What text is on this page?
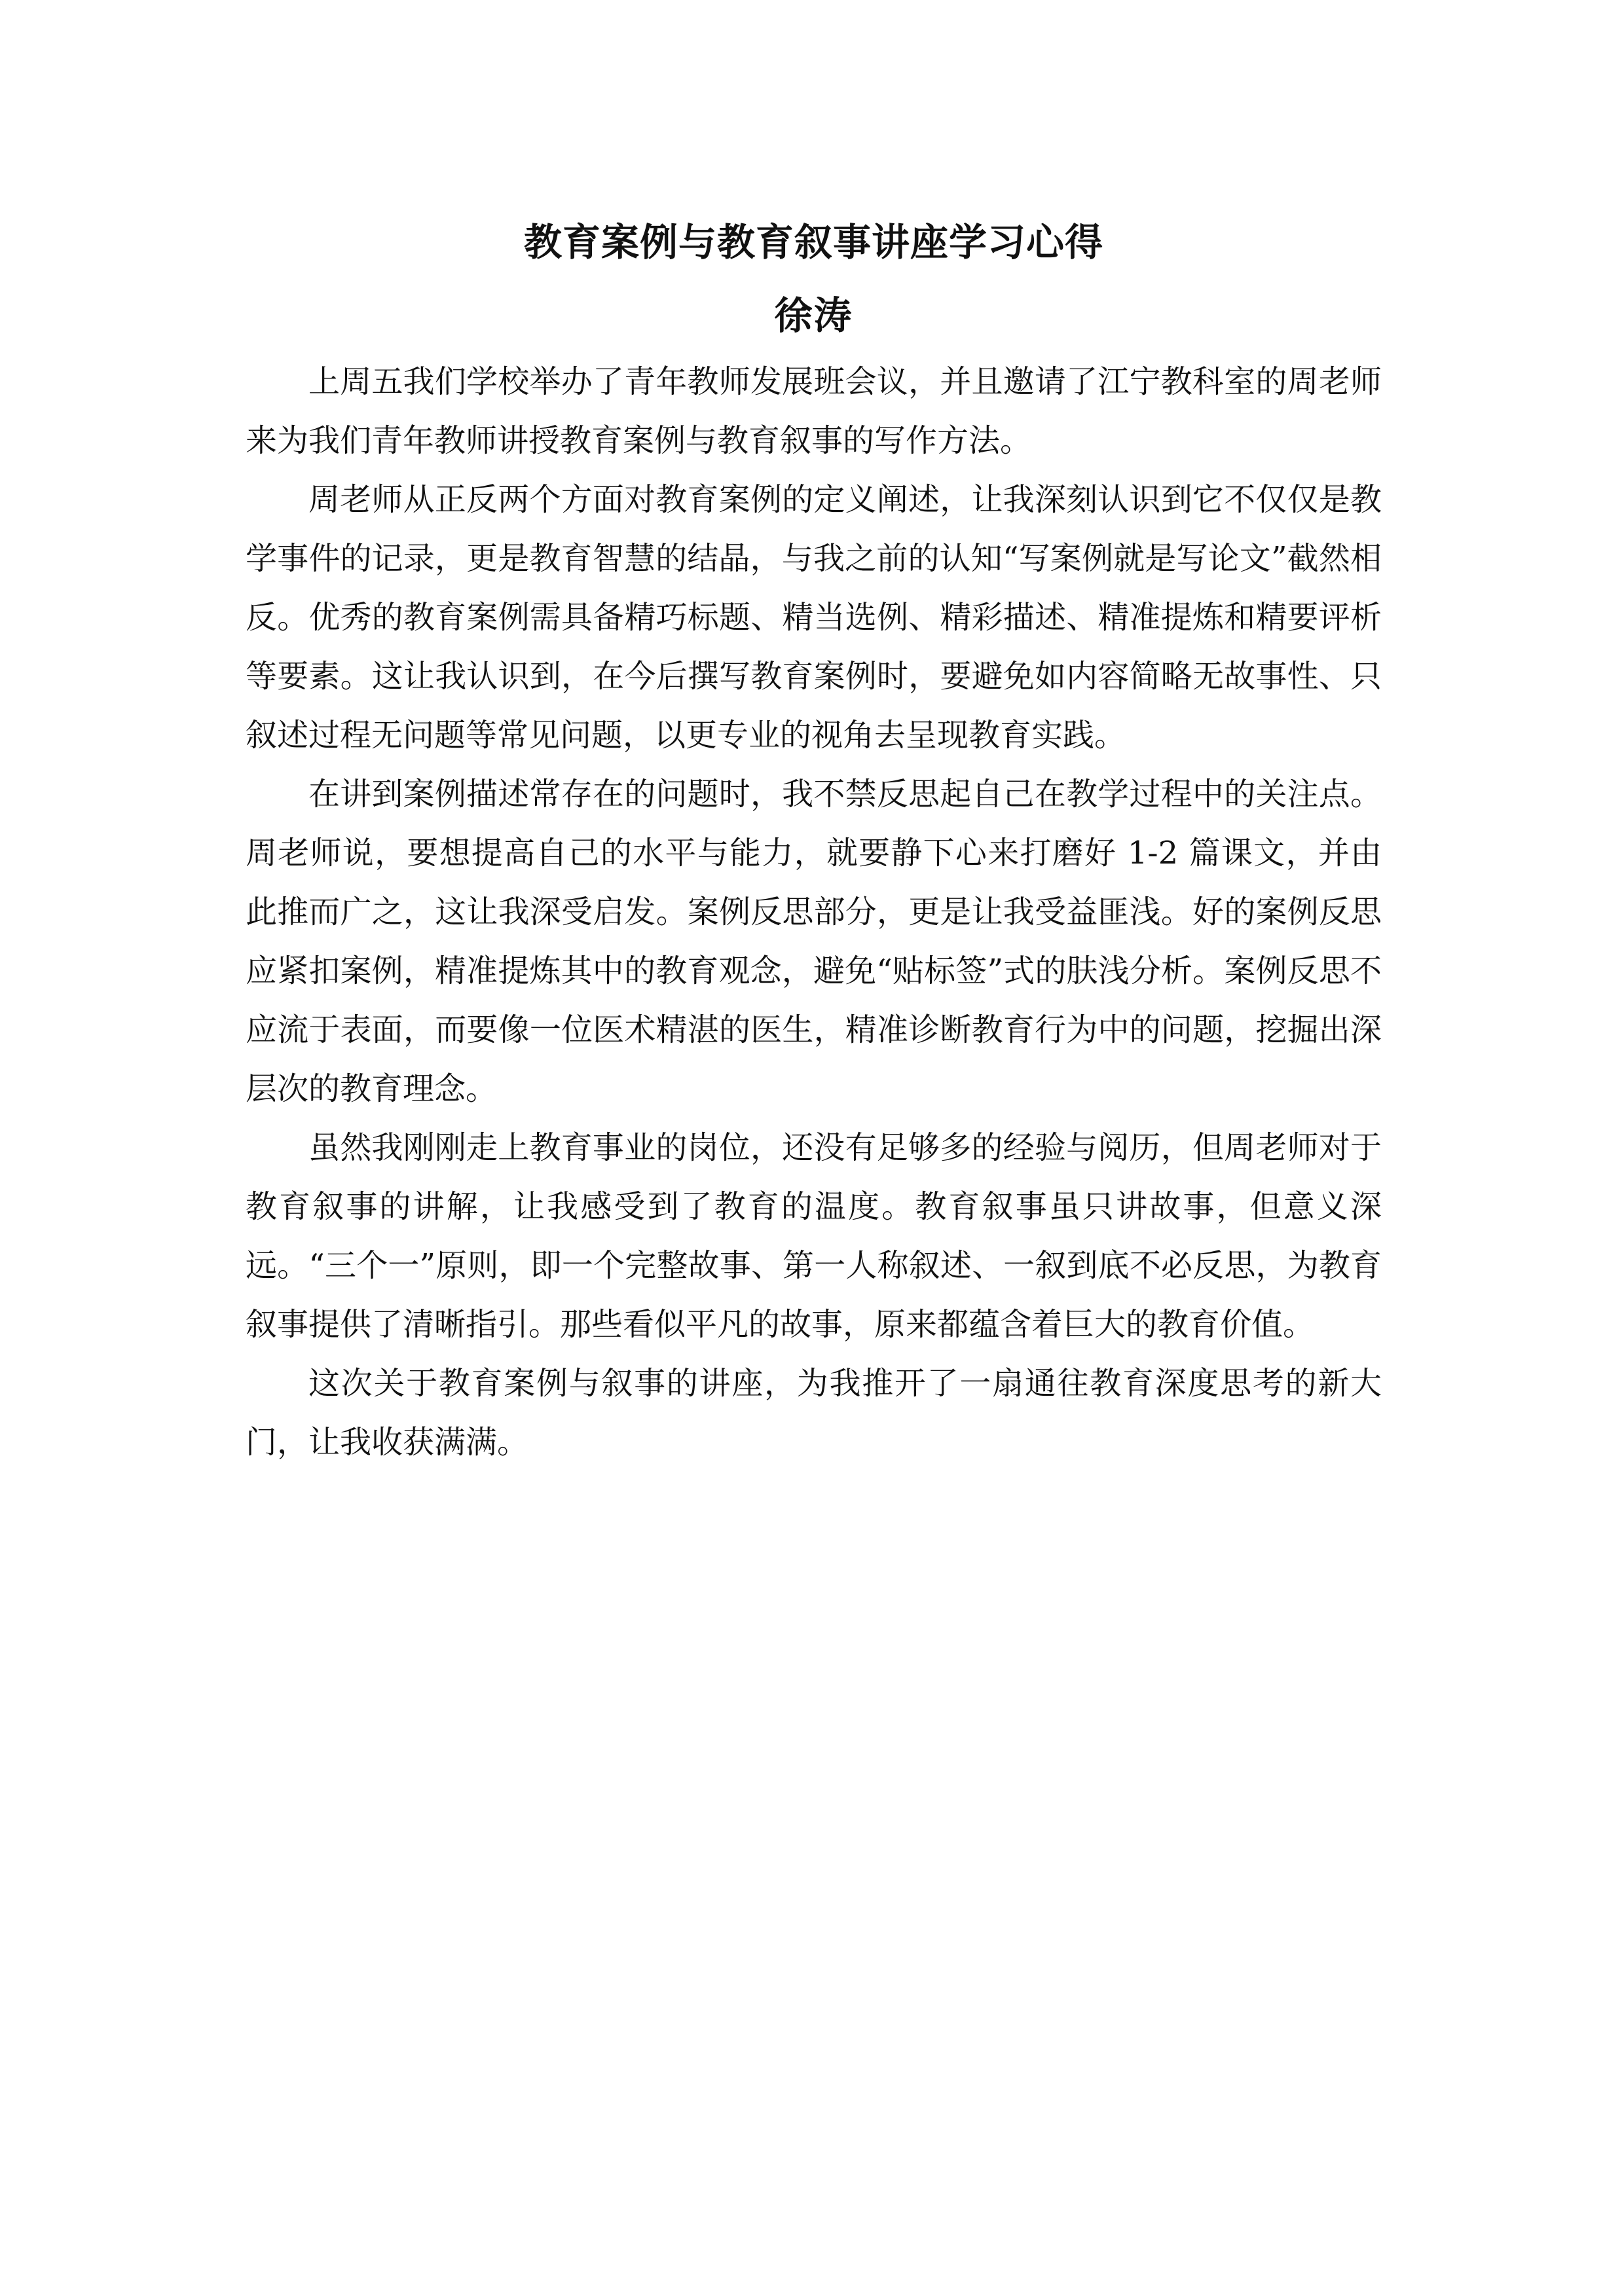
教育案例与教育叙事讲座学习心得
徐涛

上周五我们学校举办了青年教师发展班会议，并且邀请了江宁教科室的周老师来为我们青年教师讲授教育案例与教育叙事的写作方法。

周老师从正反两个方面对教育案例的定义阐述，让我深刻认识到它不仅仅是教学事件的记录，更是教育智慧的结晶，与我之前的认知“写案例就是写论文”截然相反。优秀的教育案例需具备精巧标题、精当选例、精彩描述、精准提炼和精要评析等要素。这让我认识到，在今后撰写教育案例时，要避免如内容简略无故事性、只叙述过程无问题等常见问题，以更专业的视角去呈现教育实践。

在讲到案例描述常存在的问题时，我不禁反思起自己在教学过程中的关注点。周老师说，要想提高自己的水平与能力，就要静下心来打磨好 1-2 篇课文，并由此推而广之，这让我深受启发。案例反思部分，更是让我受益匪浅。好的案例反思应紧扣案例，精准提炼其中的教育观念，避免“贴标签”式的肤浅分析。案例反思不应流于表面，而要像一位医术精湛的医生，精准诊断教育行为中的问题，挖掘出深层次的教育理念。

虽然我刚刚走上教育事业的岗位，还没有足够多的经验与阅历，但周老师对于教育叙事的讲解，让我感受到了教育的温度。教育叙事虽只讲故事，但意义深远。“三个一”原则，即一个完整故事、第一人称叙述、一叙到底不必反思，为教育叙事提供了清晰指引。那些看似平凡的故事，原来都蕴含着巨大的教育价值。

这次关于教育案例与叙事的讲座，为我推开了一扇通往教育深度思考的新大门，让我收获满满。
